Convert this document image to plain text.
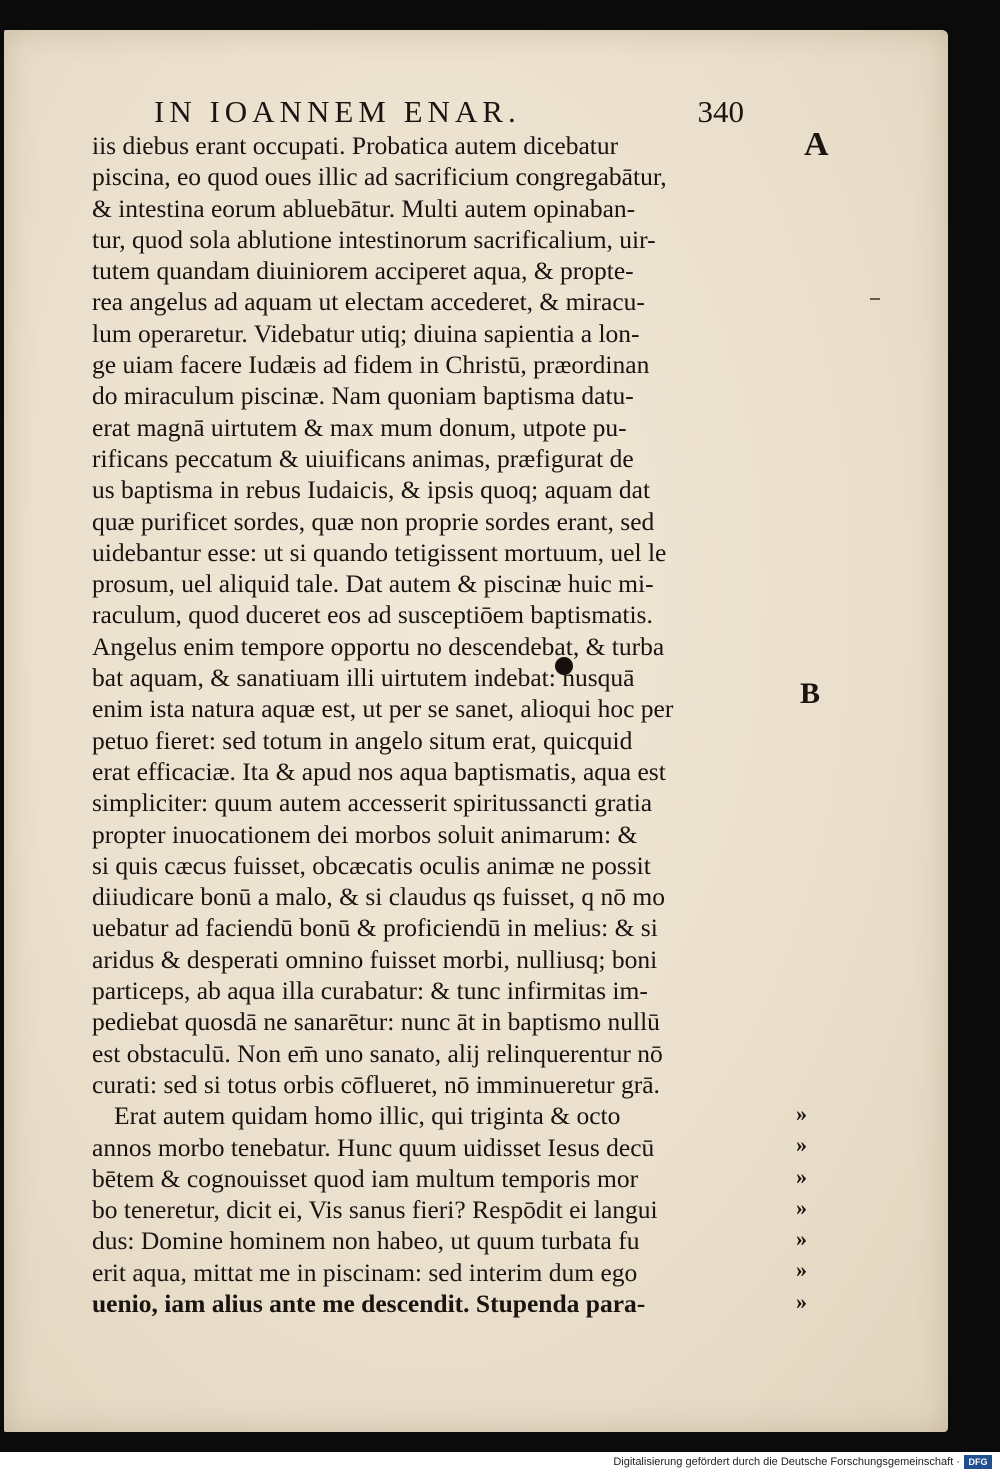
IN IOANNEM ENAR.	340
A
B
iis diebus erant occupati. Probatica autem dicebatur
piscina, eo quod oues illic ad sacrificium congregabātur,
& intestina eorum abluebātur. Multi autem opinaban-
tur, quod sola ablutione intestinorum sacrificalium, uir-
tutem quandam diuiniorem acciperet aqua, & propte-
rea angelus ad aquam ut electam accederet, & miracu-
lum operaretur. Videbatur utiq; diuina sapientia a lon-
ge uiam facere Iudæis ad fidem in Christū, præordinan
do miraculum piscinæ. Nam quoniam baptisma datu-
erat magnā uirtutem & max mum donum, utpote pu-
rificans peccatum & uiuificans animas, præfigurat de
us baptisma in rebus Iudaicis, & ipsis quoq; aquam dat
quæ purificet sordes, quæ non proprie sordes erant, sed
uidebantur esse: ut si quando tetigissent mortuum, uel le
prosum, uel aliquid tale. Dat autem & piscinæ huic mi-
raculum, quod duceret eos ad susceptiōem baptismatis.
Angelus enim tempore opportu no descendebat, & turba
bat aquam, & sanatiuam illi uirtutem indebat: nusquā
enim ista natura aquæ est, ut per se sanet, alioqui hoc per
petuo fieret: sed totum in angelo situm erat, quicquid
erat efficaciæ. Ita & apud nos aqua baptismatis, aqua est
simpliciter: quum autem accesserit spiritussancti gratia
propter inuocationem dei morbos soluit animarum: &
si quis cæcus fuisset, obcæcatis oculis animæ ne possit
diiudicare bonū a malo, & si claudus qs fuisset, q nō mo
uebatur ad faciendū bonū & proficiendū in melius: & si
aridus & desperati omnino fuisset morbi, nulliusq; boni
particeps, ab aqua illa curabatur: & tunc infirmitas im-
pediebat quosdā ne sanarētur: nunc āt in baptismo nullū
est obstaculū. Non em̄ uno sanato, alij relinquerentur nō
curati: sed si totus orbis cōflueret, nō imminueretur grā.
Erat autem quidam homo illic, qui triginta & octo
annos morbo tenebatur. Hunc quum uidisset Iesus decū
bētem & cognouisset quod iam multum temporis mor
bo teneretur, dicit ei, Vis sanus fieri? Respōdit ei langui
dus: Domine hominem non habeo, ut quum turbata fu
erit aqua, mittat me in piscinam: sed interim dum ego
uenio, iam alius ante me descendit. Stupenda para-
»
»
»
»
»
»
»
Digitalisierung gefördert durch die Deutsche Forschungsgemeinschaft · DFG
